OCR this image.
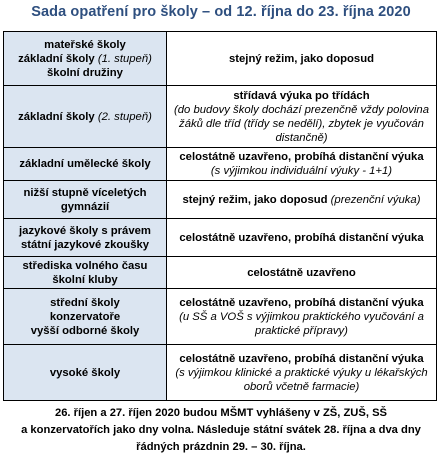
Sada opatření pro školy – od 12. října do 23. října 2020
mateřské školy
základní školy (1. stupeň)
školní družiny	stejný režim, jako doposud
základní školy (2. stupeň)	střídavá výuka po třídách
(do budovy školy dochází prezenčně vždy polovina žáků dle tříd (třídy se nedělí), zbytek je vyučován distančně)
základní umělecké školy	celostátně uzavřeno, probíhá distanční výuka
(s výjimkou individuální výuky - 1+1)
nižší stupně víceletých gymnázií	stejný režim, jako doposud (prezenční výuka)
jazykové školy s právem státní jazykové zkoušky	celostátně uzavřeno, probíhá distanční výuka
střediska volného času školní kluby	celostátně uzavřeno
střední školy
konzervatoře
vyšší odborné školy	celostátně uzavřeno, probíhá distanční výuka
(u SŠ a VOŠ s výjimkou praktického vyučování a praktické přípravy)
vysoké školy	celostátně uzavřeno, probíhá distanční výuka
(s výjimkou klinické a praktické výuky u lékařských oborů včetně farmacie)
26. říjen a 27. říjen 2020 budou MŠMT vyhlášeny v ZŠ, ZUŠ, SŠ
a konzervatořích jako dny volna. Následuje státní svátek 28. října a dva dny
řádných prázdnin 29. – 30. října.
